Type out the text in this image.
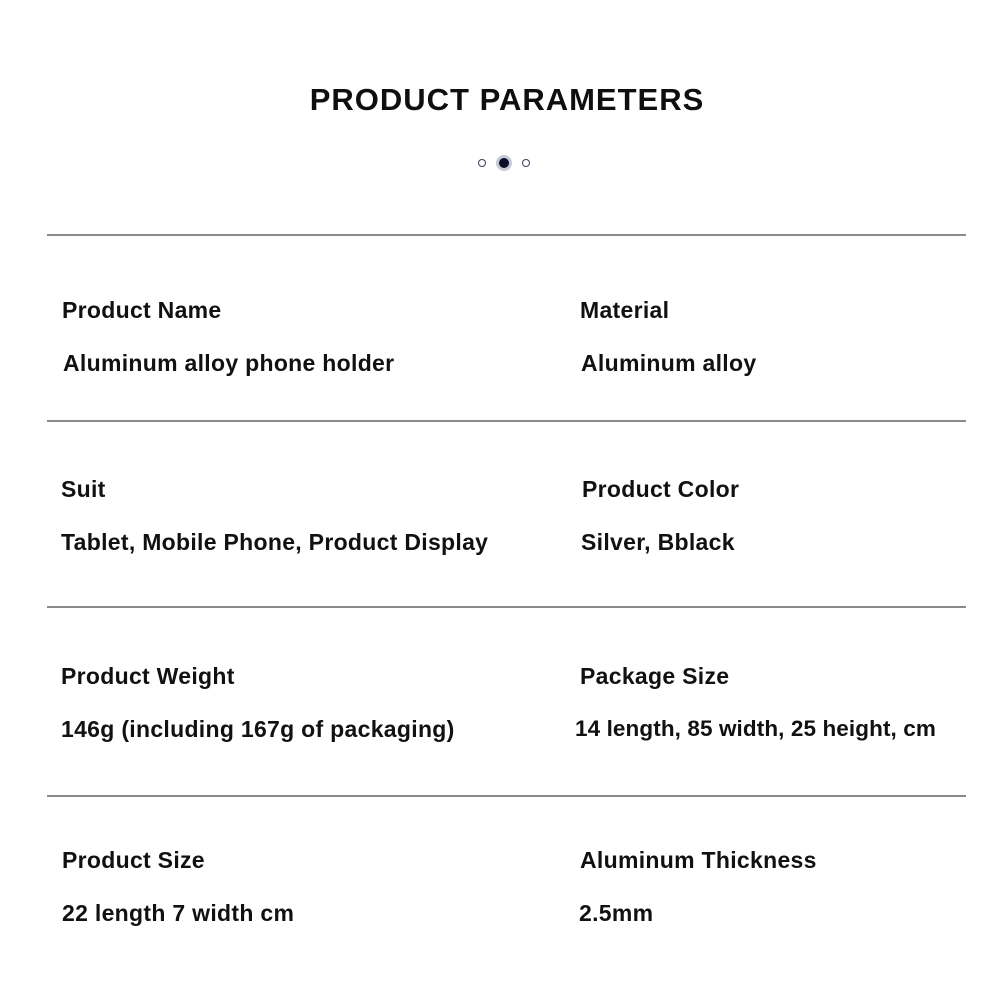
PRODUCT PARAMETERS
Product Name
Aluminum alloy phone holder
Material
Aluminum alloy
Suit
Tablet, Mobile Phone, Product Display
Product Color
Silver, Bblack
Product Weight
146g (including 167g of packaging)
Package Size
14 length, 85 width, 25 height, cm
Product Size
22 length 7 width cm
Aluminum Thickness
2.5mm
